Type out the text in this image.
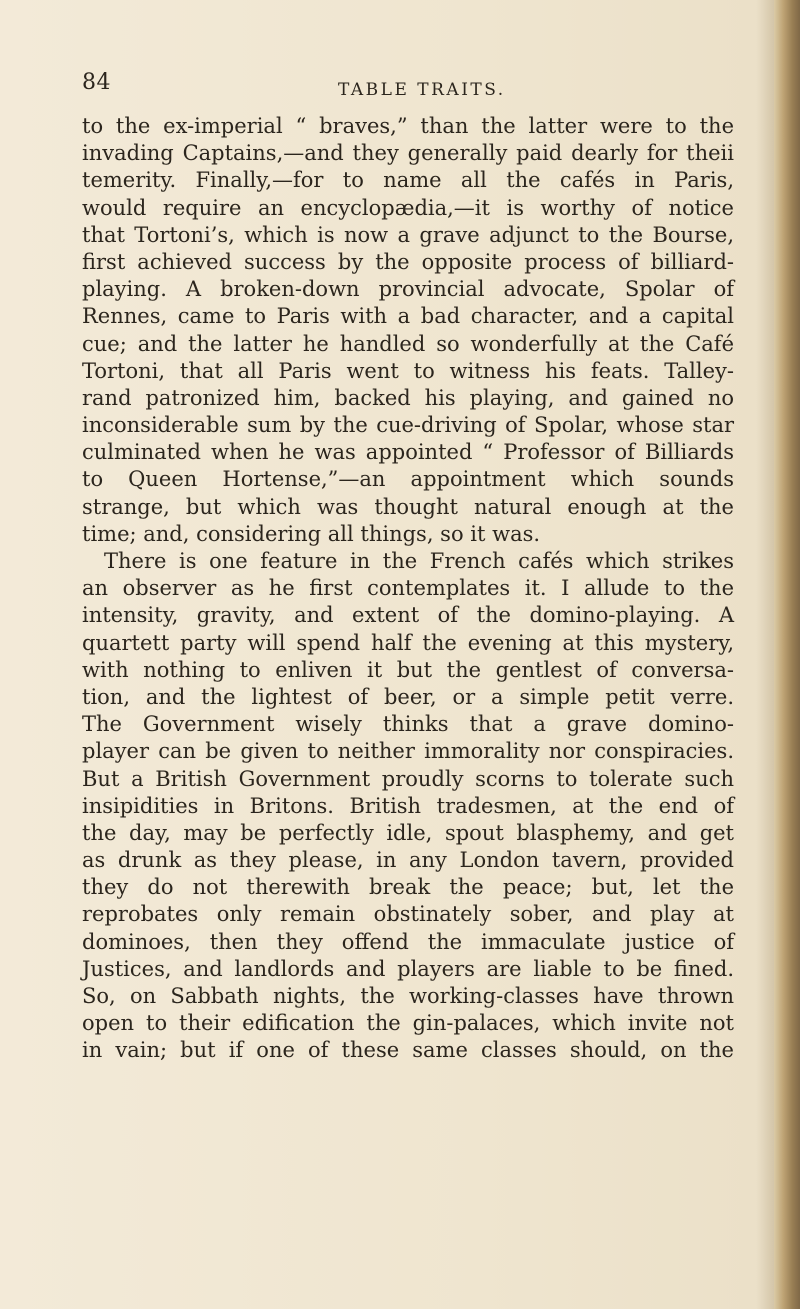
84	TABLE TRAITS.
to the ex-imperial “ braves,” than the latter were to the
invading Captains,—and they generally paid dearly for theii
temerity. Finally,—for to name all the cafés in Paris,
would require an encyclopædia,—it is worthy of notice
that Tortoni’s, which is now a grave adjunct to the Bourse,
first achieved success by the opposite process of billiard-
playing. A broken-down provincial advocate, Spolar of
Rennes, came to Paris with a bad character, and a capital
cue; and the latter he handled so wonderfully at the Café
Tortoni, that all Paris went to witness his feats. Talley-
rand patronized him, backed his playing, and gained no
inconsiderable sum by the cue-driving of Spolar, whose star
culminated when he was appointed “ Professor of Billiards
to Queen Hortense,”—an appointment which sounds
strange, but which was thought natural enough at the
time; and, considering all things, so it was.
There is one feature in the French cafés which strikes
an observer as he first contemplates it. I allude to the
intensity, gravity, and extent of the domino-playing. A
quartett party will spend half the evening at this mystery,
with nothing to enliven it but the gentlest of conversa-
tion, and the lightest of beer, or a simple petit verre.
The Government wisely thinks that a grave domino-
player can be given to neither immorality nor conspiracies.
But a British Government proudly scorns to tolerate such
insipidities in Britons. British tradesmen, at the end of
the day, may be perfectly idle, spout blasphemy, and get
as drunk as they please, in any London tavern, provided
they do not therewith break the peace; but, let the
reprobates only remain obstinately sober, and play at
dominoes, then they offend the immaculate justice of
Justices, and landlords and players are liable to be fined.
So, on Sabbath nights, the working-classes have thrown
open to their edification the gin-palaces, which invite not
in vain; but if one of these same classes should, on the
